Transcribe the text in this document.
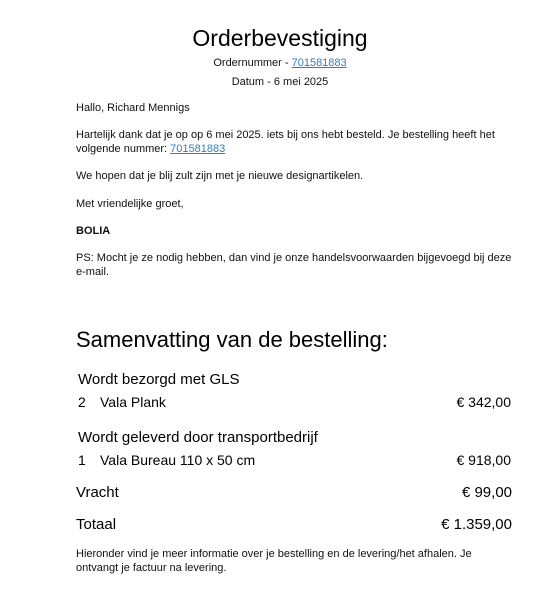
Orderbevestiging
Ordernummer - 701581883
Datum - 6 mei 2025
Hallo, Richard Mennigs
Hartelijk dank dat je op op 6 mei 2025. iets bij ons hebt besteld. Je bestelling heeft het volgende nummer: 701581883
We hopen dat je blij zult zijn met je nieuwe designartikelen.
Met vriendelijke groet,
BOLIA
PS: Mocht je ze nodig hebben, dan vind je onze handelsvoorwaarden bijgevoegd bij deze e-mail.
Samenvatting van de bestelling:
Wordt bezorgd met GLS
2 Vala Plank	€ 342,00
Wordt geleverd door transportbedrijf
1 Vala Bureau 110 x 50 cm	€ 918,00
Vracht	€ 99,00
Totaal	€ 1.359,00
Hieronder vind je meer informatie over je bestelling en de levering/het afhalen. Je ontvangt je factuur na levering.
